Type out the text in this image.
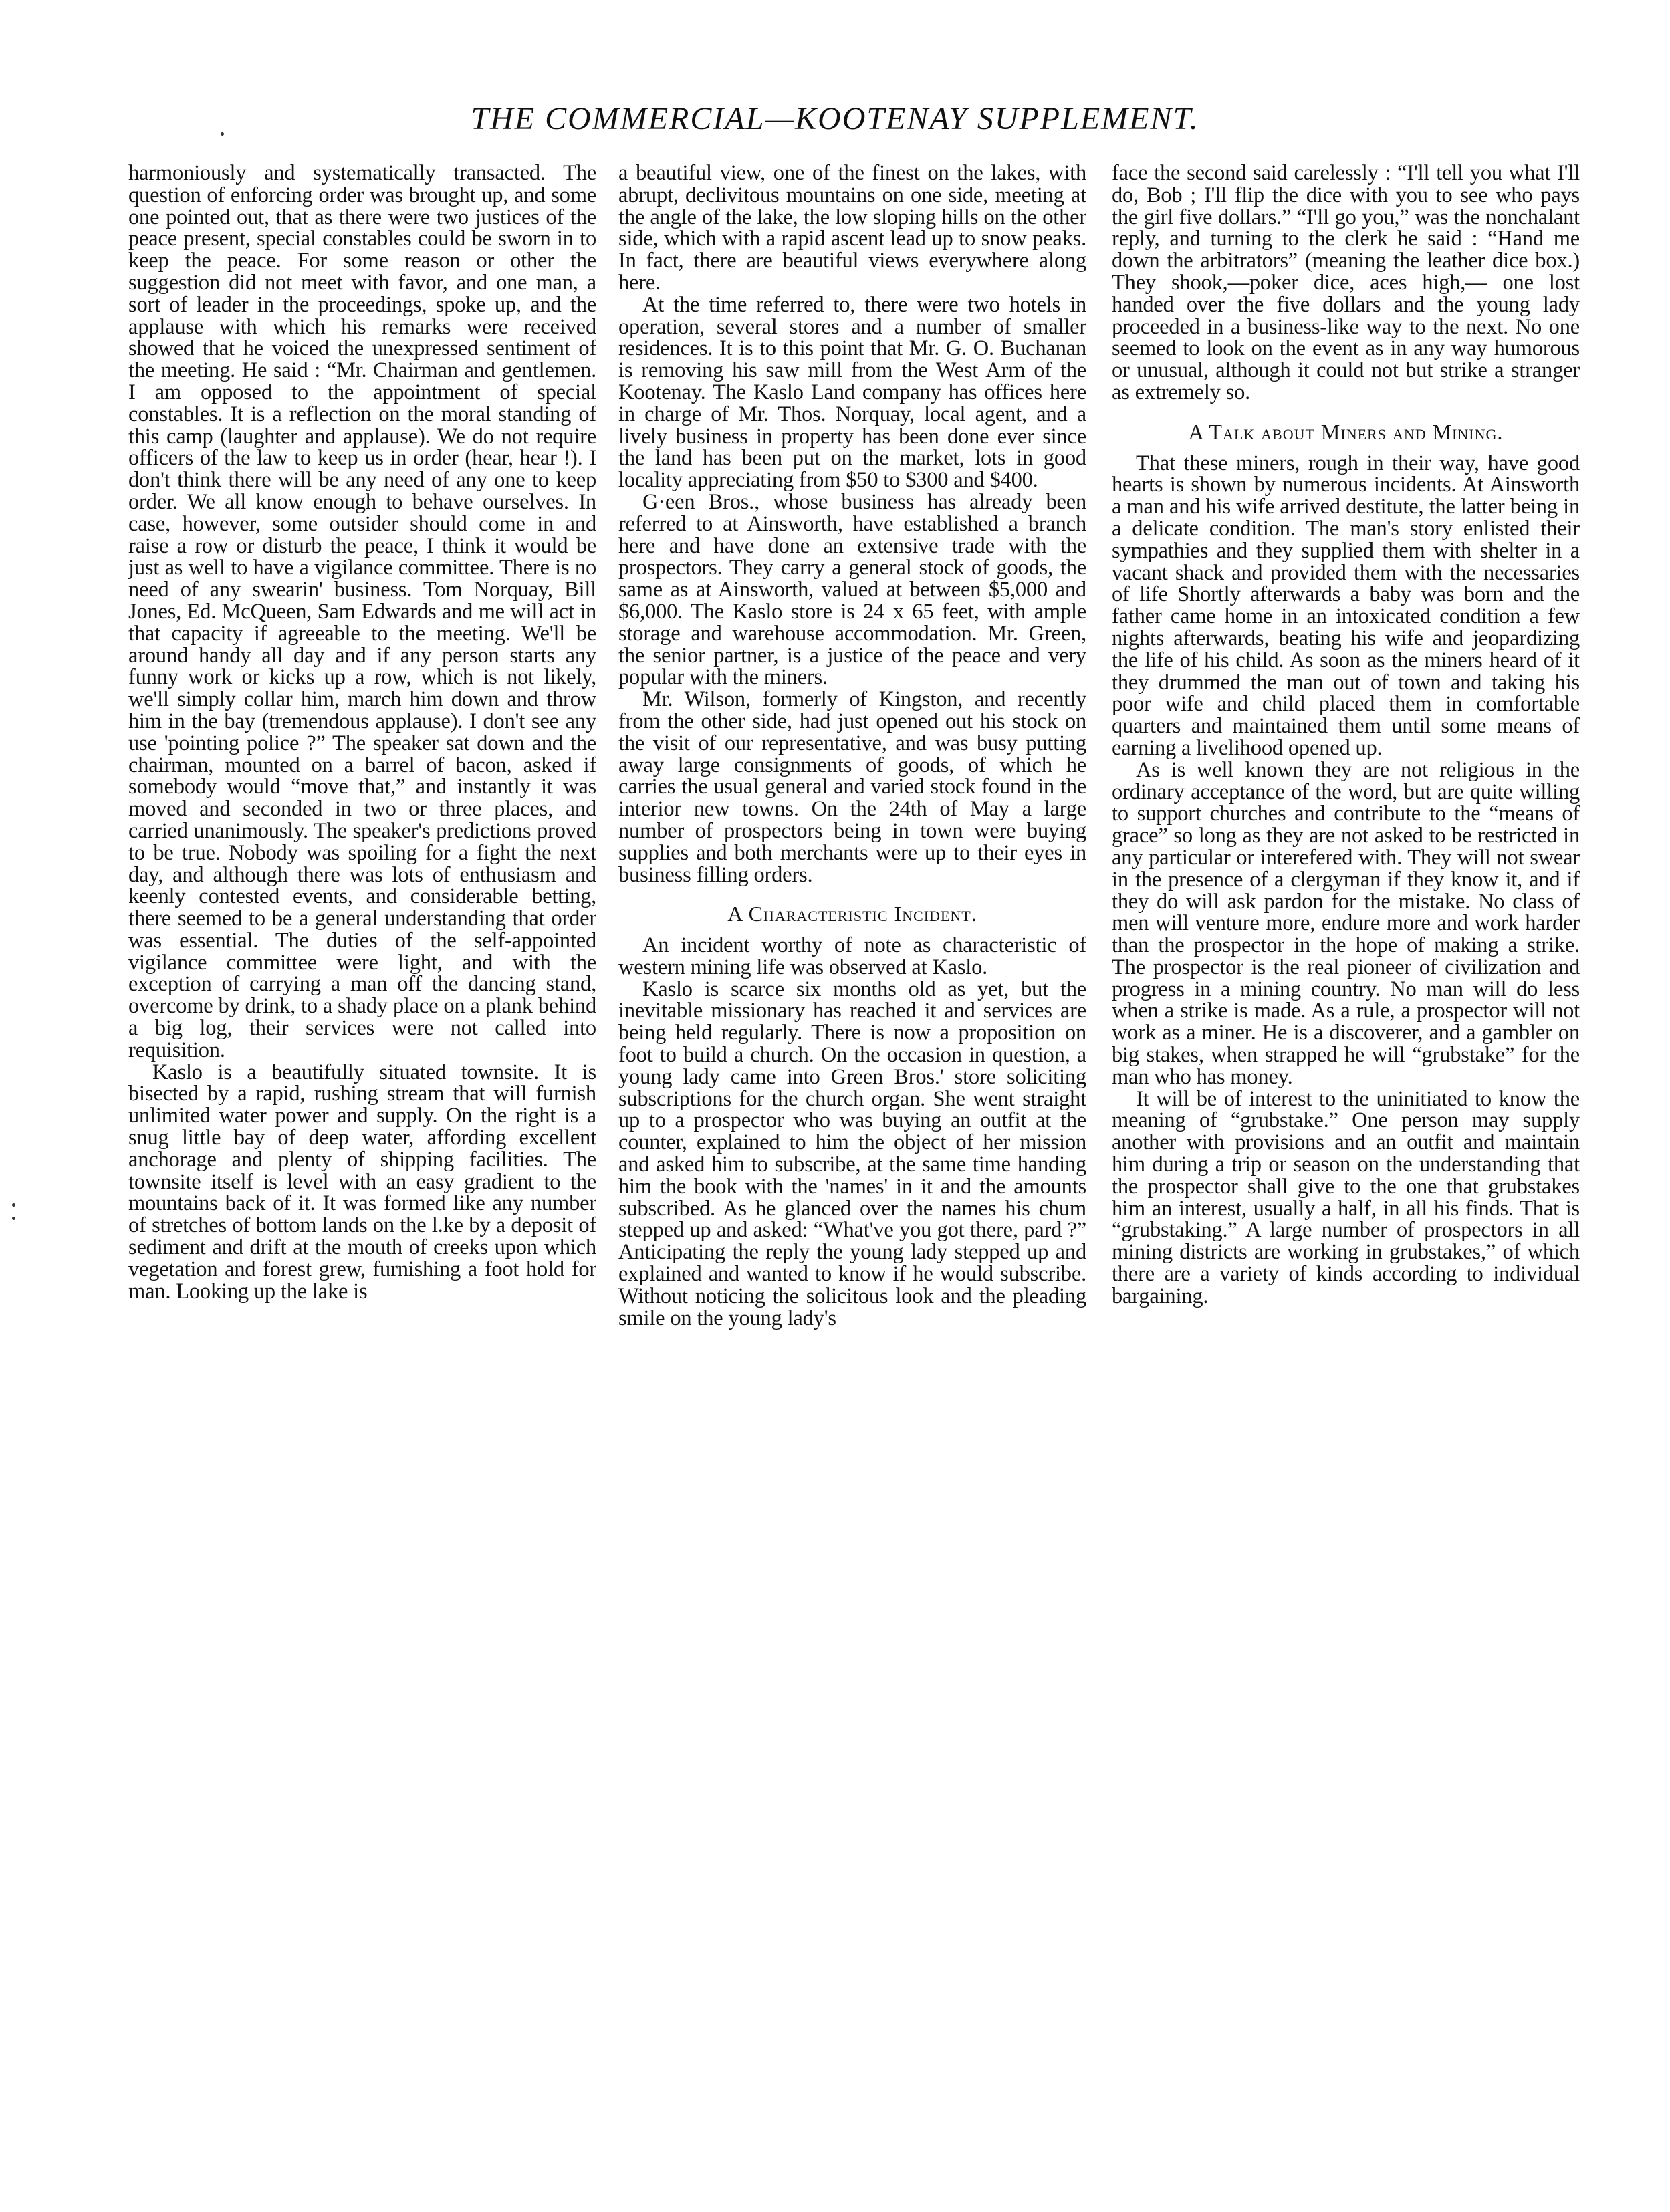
THE COMMERCIAL—KOOTENAY SUPPLEMENT.

harmoniously and systematically transacted. The question of enforcing order was brought up, and some one pointed out, that as there were two justices of the peace present, special constables could be sworn in to keep the peace. For some reason or other the suggestion did not meet with favor, and one man, a sort of leader in the proceedings, spoke up, and the applause with which his remarks were received showed that he voiced the unexpressed sentiment of the meeting. He said : “Mr. Chairman and gentlemen. I am opposed to the appointment of special constables. It is a reflection on the moral standing of this camp (laughter and applause). We do not require officers of the law to keep us in order (hear, hear !). I don't think there will be any need of any one to keep order. We all know enough to behave ourselves. In case, however, some outsider should come in and raise a row or disturb the peace, I think it would be just as well to have a vigilance committee. There is no need of any swearin' business. Tom Norquay, Bill Jones, Ed. McQueen, Sam Edwards and me will act in that capacity if agreeable to the meeting. We'll be around handy all day and if any person starts any funny work or kicks up a row, which is not likely, we'll simply collar him, march him down and throw him in the bay (tremendous applause). I don't see any use 'pointing police ?” The speaker sat down and the chairman, mounted on a barrel of bacon, asked if somebody would “move that,” and instantly it was moved and seconded in two or three places, and carried unanimously. The speaker's predictions proved to be true. Nobody was spoiling for a fight the next day, and although there was lots of enthusiasm and keenly contested events, and considerable betting, there seemed to be a general understanding that order was essential. The duties of the self-appointed vigilance committee were light, and with the exception of carrying a man off the dancing stand, overcome by drink, to a shady place on a plank behind a big log, their services were not called into requisition.

Kaslo is a beautifully situated townsite. It is bisected by a rapid, rushing stream that will furnish unlimited water power and supply. On the right is a snug little bay of deep water, affording excellent anchorage and plenty of shipping facilities. The townsite itself is level with an easy gradient to the mountains back of it. It was formed like any number of stretches of bottom lands on the l.ke by a deposit of sediment and drift at the mouth of creeks upon which vegetation and forest grew, furnishing a foot hold for man. Looking up the lake is

a beautiful view, one of the finest on the lakes, with abrupt, declivitous mountains on one side, meeting at the angle of the lake, the low sloping hills on the other side, which with a rapid ascent lead up to snow peaks. In fact, there are beautiful views everywhere along here.

At the time referred to, there were two hotels in operation, several stores and a number of smaller residences. It is to this point that Mr. G. O. Buchanan is removing his saw mill from the West Arm of the Kootenay. The Kaslo Land company has offices here in charge of Mr. Thos. Norquay, local agent, and a lively business in property has been done ever since the land has been put on the market, lots in good locality appreciating from $50 to $300 and $400.

G·een Bros., whose business has already been referred to at Ainsworth, have established a branch here and have done an extensive trade with the prospectors. They carry a general stock of goods, the same as at Ainsworth, valued at between $5,000 and $6,000. The Kaslo store is 24 x 65 feet, with ample storage and warehouse accommodation. Mr. Green, the senior partner, is a justice of the peace and very popular with the miners.

Mr. Wilson, formerly of Kingston, and recently from the other side, had just opened out his stock on the visit of our representative, and was busy putting away large consignments of goods, of which he carries the usual general and varied stock found in the interior new towns. On the 24th of May a large number of prospectors being in town were buying supplies and both merchants were up to their eyes in business filling orders.

A Characteristic Incident.

An incident worthy of note as characteristic of western mining life was observed at Kaslo.

Kaslo is scarce six months old as yet, but the inevitable missionary has reached it and services are being held regularly. There is now a proposition on foot to build a church. On the occasion in question, a young lady came into Green Bros.' store soliciting subscriptions for the church organ. She went straight up to a prospector who was buying an outfit at the counter, explained to him the object of her mission and asked him to subscribe, at the same time handing him the book with the 'names' in it and the amounts subscribed. As he glanced over the names his chum stepped up and asked: “What've you got there, pard ?” Anticipating the reply the young lady stepped up and explained and wanted to know if he would subscribe. Without noticing the solicitous look and the pleading smile on the young lady's

face the second said carelessly : “I'll tell you what I'll do, Bob ; I'll flip the dice with you to see who pays the girl five dollars.” “I'll go you,” was the nonchalant reply, and turning to the clerk he said : “Hand me down the arbitrators” (meaning the leather dice box.) They shook,—poker dice, aces high,— one lost handed over the five dollars and the young lady proceeded in a business-like way to the next. No one seemed to look on the event as in any way humorous or unusual, although it could not but strike a stranger as extremely so.

A Talk about Miners and Mining.

That these miners, rough in their way, have good hearts is shown by numerous incidents. At Ainsworth a man and his wife arrived destitute, the latter being in a delicate condition. The man's story enlisted their sympathies and they supplied them with shelter in a vacant shack and provided them with the necessaries of life Shortly afterwards a baby was born and the father came home in an intoxicated condition a few nights afterwards, beating his wife and jeopardizing the life of his child. As soon as the miners heard of it they drummed the man out of town and taking his poor wife and child placed them in comfortable quarters and maintained them until some means of earning a livelihood opened up.

As is well known they are not religious in the ordinary acceptance of the word, but are quite willing to support churches and contribute to the “means of grace” so long as they are not asked to be restricted in any particular or interefered with. They will not swear in the presence of a clergyman if they know it, and if they do will ask pardon for the mistake. No class of men will venture more, endure more and work harder than the prospector in the hope of making a strike. The prospector is the real pioneer of civilization and progress in a mining country. No man will do less when a strike is made. As a rule, a prospector will not work as a miner. He is a discoverer, and a gambler on big stakes, when strapped he will “grubstake” for the man who has money.

It will be of interest to the uninitiated to know the meaning of “grubstake.” One person may supply another with provisions and an outfit and maintain him during a trip or season on the understanding that the prospector shall give to the one that grubstakes him an interest, usually a half, in all his finds. That is “grubstaking.” A large number of prospectors in all mining districts are working in grubstakes,” of which there are a variety of kinds according to individual bargaining.
